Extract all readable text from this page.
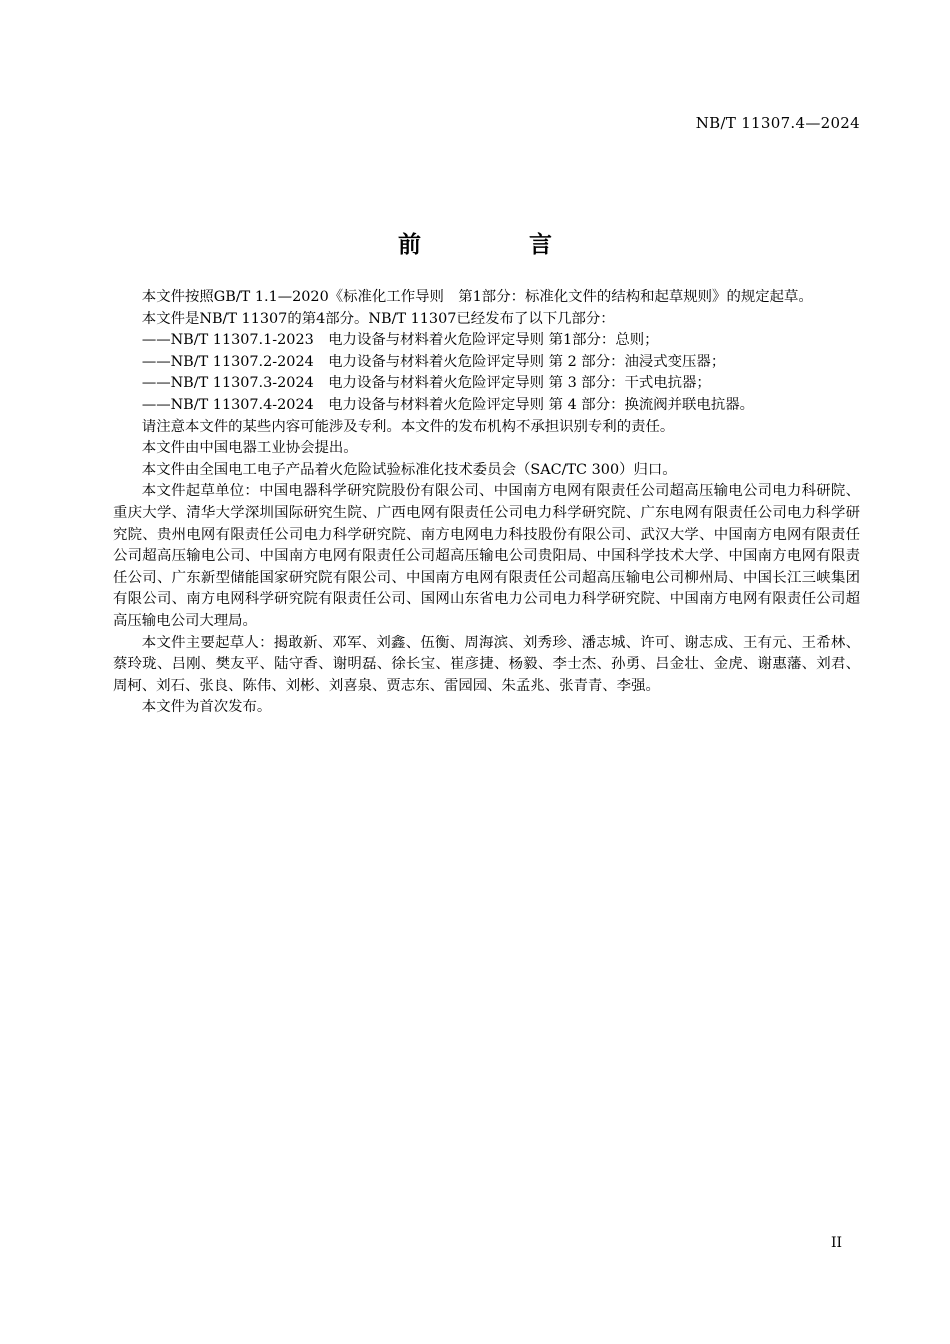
NB/T 11307.4—2024
前 言

本文件按照GB/T 1.1—2020《标准化工作导则　第1部分：标准化文件的结构和起草规则》的规定起草。

本文件是NB/T 11307的第4部分。NB/T 11307已经发布了以下几部分：

——NB/T 11307.1-2023　电力设备与材料着火危险评定导则 第1部分：总则；

——NB/T 11307.2-2024　电力设备与材料着火危险评定导则 第 2 部分：油浸式变压器；

——NB/T 11307.3-2024　电力设备与材料着火危险评定导则 第 3 部分：干式电抗器；

——NB/T 11307.4-2024　电力设备与材料着火危险评定导则 第 4 部分：换流阀并联电抗器。

请注意本文件的某些内容可能涉及专利。本文件的发布机构不承担识别专利的责任。

本文件由中国电器工业协会提出。

本文件由全国电工电子产品着火危险试验标准化技术委员会（SAC/TC 300）归口。

本文件起草单位：中国电器科学研究院股份有限公司、中国南方电网有限责任公司超高压输电公司电力科研院、重庆大学、清华大学深圳国际研究生院、广西电网有限责任公司电力科学研究院、广东电网有限责任公司电力科学研究院、贵州电网有限责任公司电力科学研究院、南方电网电力科技股份有限公司、武汉大学、中国南方电网有限责任公司超高压输电公司、中国南方电网有限责任公司超高压输电公司贵阳局、中国科学技术大学、中国南方电网有限责任公司、广东新型储能国家研究院有限公司、中国南方电网有限责任公司超高压输电公司柳州局、中国长江三峡集团有限公司、南方电网科学研究院有限责任公司、国网山东省电力公司电力科学研究院、中国南方电网有限责任公司超高压输电公司大理局。

本文件主要起草人：揭敢新、邓军、刘鑫、伍衡、周海滨、刘秀珍、潘志城、许可、谢志成、王有元、王希林、蔡玲珑、吕刚、樊友平、陆守香、谢明磊、徐长宝、崔彦捷、杨毅、李士杰、孙勇、吕金壮、金虎、谢惠藩、刘君、周柯、刘石、张良、陈伟、刘彬、刘喜泉、贾志东、雷园园、朱孟兆、张青青、李强。

本文件为首次发布。

II
